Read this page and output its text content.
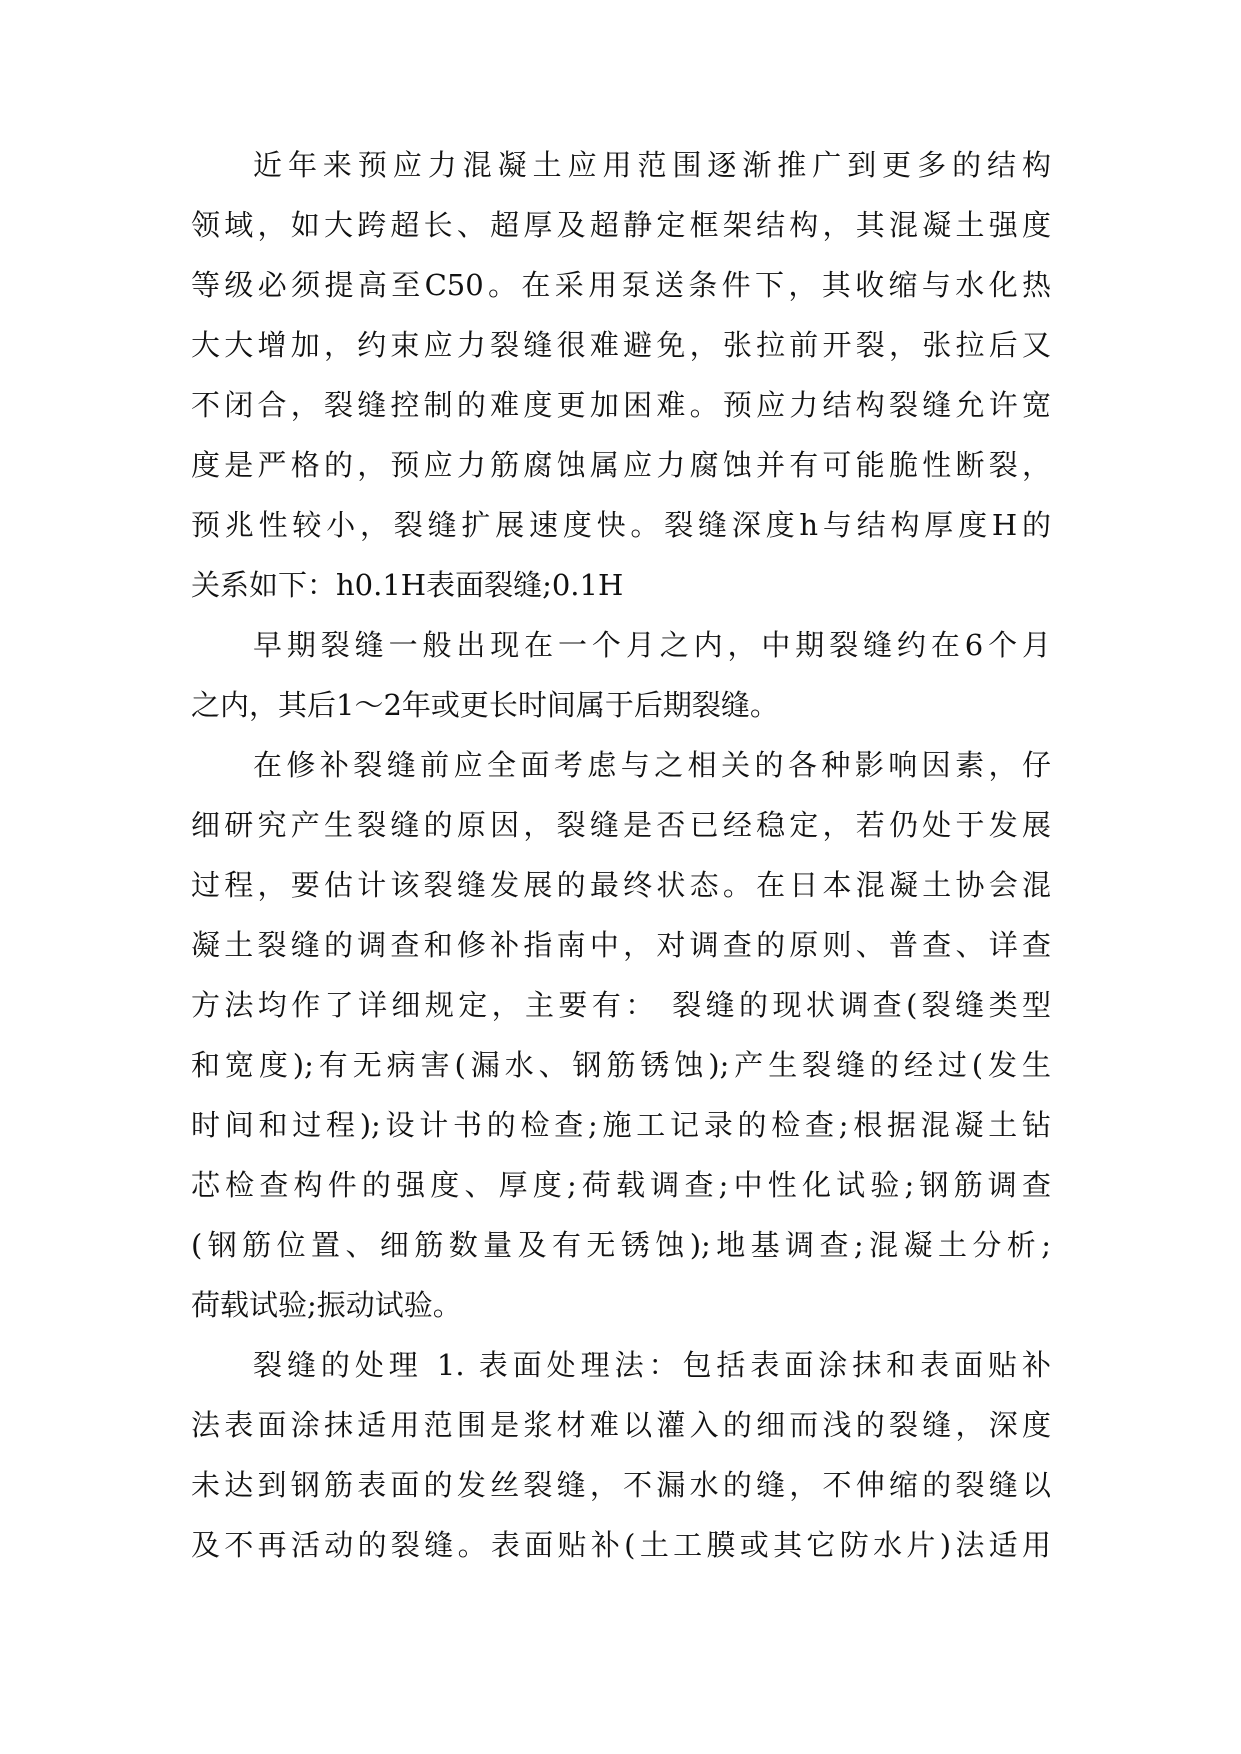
近年来预应力混凝土应用范围逐渐推广到更多的结构
领域，如大跨超长、超厚及超静定框架结构，其混凝土强度
等级必须提高至C50。在采用泵送条件下，其收缩与水化热
大大增加，约束应力裂缝很难避免，张拉前开裂，张拉后又
不闭合，裂缝控制的难度更加困难。预应力结构裂缝允许宽
度是严格的，预应力筋腐蚀属应力腐蚀并有可能脆性断裂，
预兆性较小，裂缝扩展速度快。裂缝深度h与结构厚度H的
关系如下：h0.1H表面裂缝;0.1H
早期裂缝一般出现在一个月之内，中期裂缝约在6个月
之内，其后1～2年或更长时间属于后期裂缝。
在修补裂缝前应全面考虑与之相关的各种影响因素，仔
细研究产生裂缝的原因，裂缝是否已经稳定，若仍处于发展
过程，要估计该裂缝发展的最终状态。在日本混凝土协会混
凝土裂缝的调查和修补指南中，对调查的原则、普查、详查
方法均作了详细规定，主要有： 裂缝的现状调查(裂缝类型
和宽度);有无病害(漏水、钢筋锈蚀);产生裂缝的经过(发生
时间和过程);设计书的检查;施工记录的检查;根据混凝土钻
芯检查构件的强度、厚度;荷载调查;中性化试验;钢筋调查
(钢筋位置、细筋数量及有无锈蚀);地基调查;混凝土分析;
荷载试验;振动试验。
裂缝的处理 1. 表面处理法：包括表面涂抹和表面贴补
法表面涂抹适用范围是浆材难以灌入的细而浅的裂缝，深度
未达到钢筋表面的发丝裂缝，不漏水的缝，不伸缩的裂缝以
及不再活动的裂缝。表面贴补(土工膜或其它防水片)法适用
